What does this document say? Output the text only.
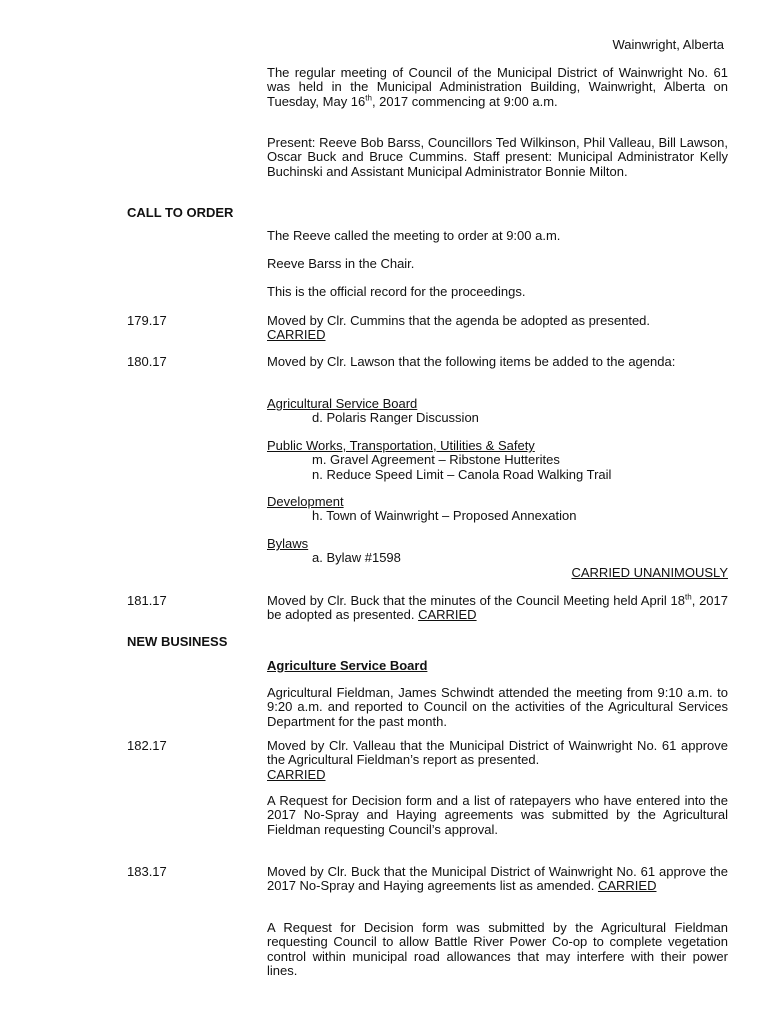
Wainwright, Alberta
The regular meeting of Council of the Municipal District of Wainwright No. 61 was held in the Municipal Administration Building, Wainwright, Alberta on Tuesday, May 16th, 2017 commencing at 9:00 a.m.
Present: Reeve Bob Barss, Councillors Ted Wilkinson, Phil Valleau, Bill Lawson, Oscar Buck and Bruce Cummins. Staff present: Municipal Administrator Kelly Buchinski and Assistant Municipal Administrator Bonnie Milton.
CALL TO ORDER
The Reeve called the meeting to order at 9:00 a.m.
Reeve Barss in the Chair.
This is the official record for the proceedings.
179.17	Moved by Clr. Cummins that the agenda be adopted as presented.
CARRIED
180.17	Moved by Clr. Lawson that the following items be added to the agenda:
Agricultural Service Board
d. Polaris Ranger Discussion
Public Works, Transportation, Utilities & Safety
m. Gravel Agreement – Ribstone Hutterites
n. Reduce Speed Limit – Canola Road Walking Trail
Development
h. Town of Wainwright – Proposed Annexation
Bylaws
a. Bylaw #1598
CARRIED UNANIMOUSLY
181.17	Moved by Clr. Buck that the minutes of the Council Meeting held April 18th, 2017 be adopted as presented. CARRIED
NEW BUSINESS
Agriculture Service Board
Agricultural Fieldman, James Schwindt attended the meeting from 9:10 a.m. to 9:20 a.m. and reported to Council on the activities of the Agricultural Services Department for the past month.
182.17	Moved by Clr. Valleau that the Municipal District of Wainwright No. 61 approve the Agricultural Fieldman’s report as presented.
CARRIED
A Request for Decision form and a list of ratepayers who have entered into the 2017 No-Spray and Haying agreements was submitted by the Agricultural Fieldman requesting Council’s approval.
183.17	Moved by Clr. Buck that the Municipal District of Wainwright No. 61 approve the 2017 No-Spray and Haying agreements list as amended. CARRIED
A Request for Decision form was submitted by the Agricultural Fieldman requesting Council to allow Battle River Power Co-op to complete vegetation control within municipal road allowances that may interfere with their power lines.
